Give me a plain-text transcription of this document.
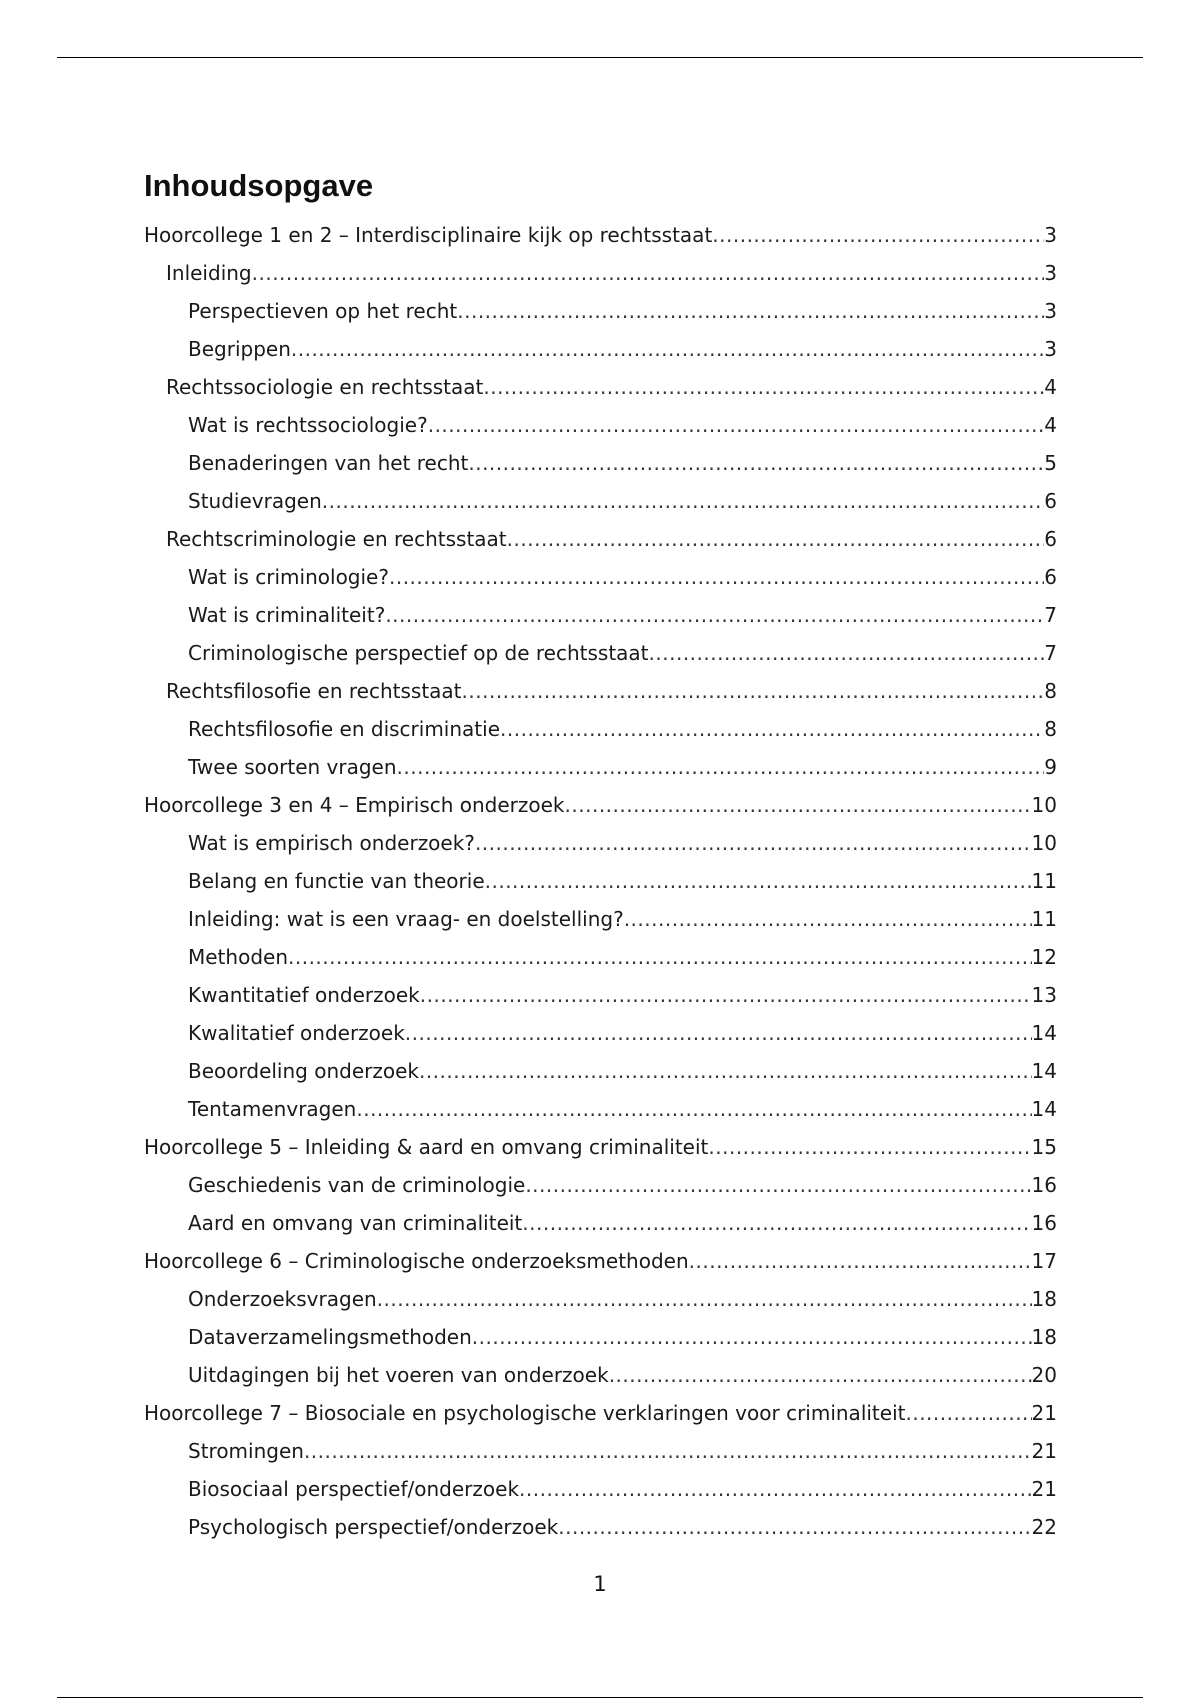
Inhoudsopgave
Hoorcollege 1 en 2 – Interdisciplinaire kijk op rechtsstaat .....	3
Inleiding .....	3
Perspectieven op het recht .....	3
Begrippen .....	3
Rechtssociologie en rechtsstaat .....	4
Wat is rechtssociologie? .....	4
Benaderingen van het recht .....	5
Studievragen .....	6
Rechtscriminologie en rechtsstaat .....	6
Wat is criminologie? .....	6
Wat is criminaliteit? .....	7
Criminologische perspectief op de rechtsstaat .....	7
Rechtsfilosofie en rechtsstaat .....	8
Rechtsfilosofie en discriminatie .....	8
Twee soorten vragen .....	9
Hoorcollege 3 en 4 – Empirisch onderzoek .....	10
Wat is empirisch onderzoek? .....	10
Belang en functie van theorie .....	11
Inleiding: wat is een vraag- en doelstelling? .....	11
Methoden .....	12
Kwantitatief onderzoek .....	13
Kwalitatief onderzoek .....	14
Beoordeling onderzoek .....	14
Tentamenvragen .....	14
Hoorcollege 5 – Inleiding & aard en omvang criminaliteit .....	15
Geschiedenis van de criminologie .....	16
Aard en omvang van criminaliteit .....	16
Hoorcollege 6 – Criminologische onderzoeksmethoden .....	17
Onderzoeksvragen .....	18
Dataverzamelingsmethoden .....	18
Uitdagingen bij het voeren van onderzoek .....	20
Hoorcollege 7 – Biosociale en psychologische verklaringen voor criminaliteit .....	21
Stromingen .....	21
Biosociaal perspectief/onderzoek .....	21
Psychologisch perspectief/onderzoek .....	22
1
